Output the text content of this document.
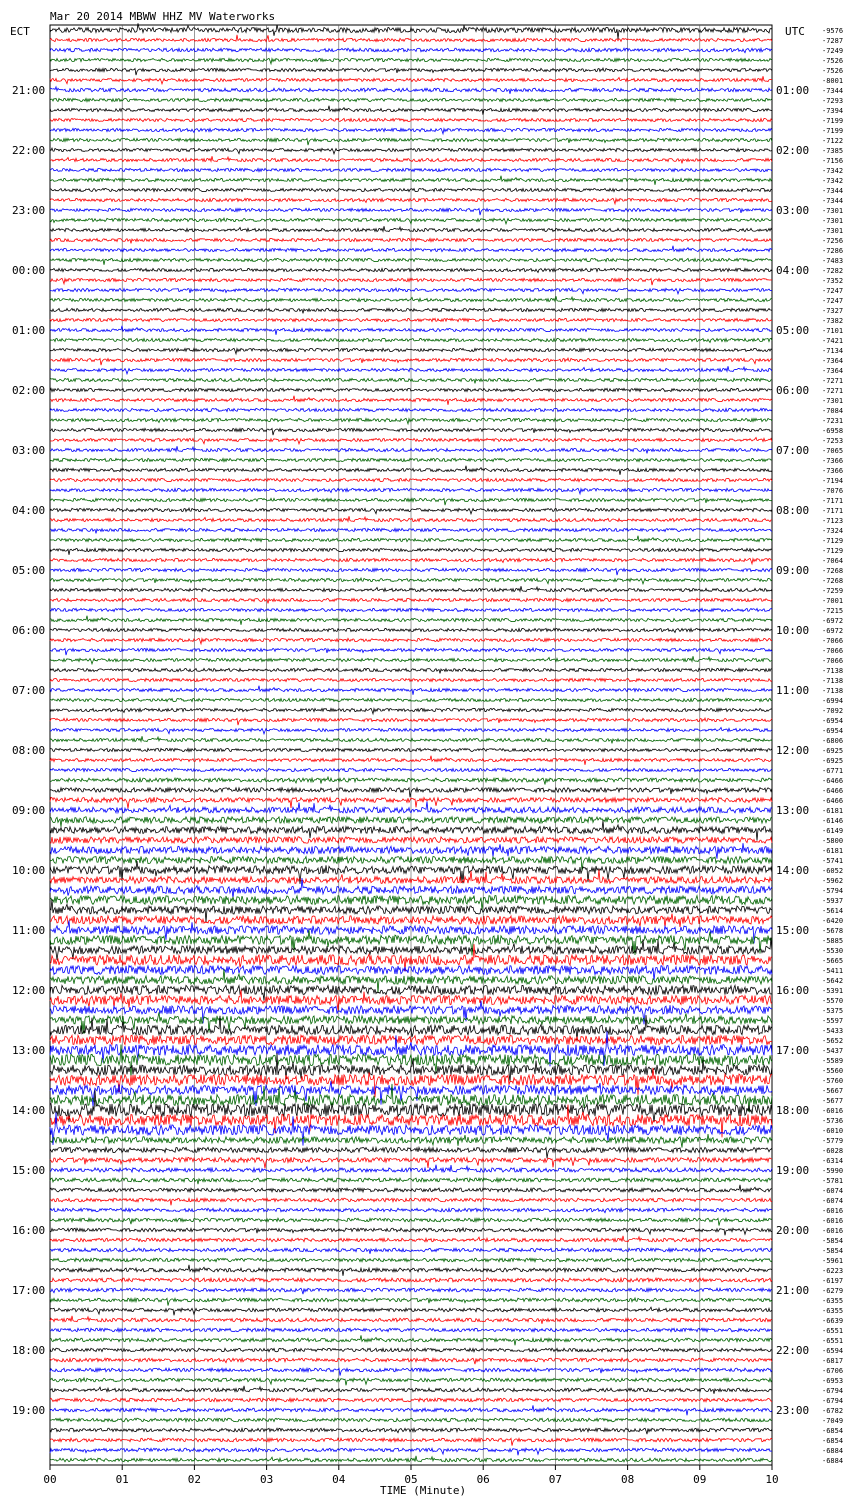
Mar 20 2014 MBWW HHZ MV Waterworks
ECT	UTC
21:00
22:00
23:00
00:00
01:00
02:00
03:00
04:00
05:00
06:00
07:00
08:00
09:00
10:00
11:00
12:00
13:00
14:00
15:00
16:00
17:00
18:00
19:00
01:00
02:00
03:00
04:00
05:00
06:00
07:00
08:00
09:00
10:00
11:00
12:00
13:00
14:00
15:00
16:00
17:00
18:00
19:00
20:00
21:00
22:00
23:00
-9576
-7287
-7249
-7526
-7526
-8001
-7344
-7293
-7394
-7199
-7199
-7122
-7385
-7156
-7342
-7342
-7344
-7344
-7301
-7301
-7301
-7256
-7286
-7483
-7282
-7352
-7247
-7247
-7327
-7382
-7101
-7421
-7134
-7364
-7364
-7271
-7271
-7301
-7084
-7231
-6958
-7253
-7065
-7366
-7366
-7194
-7076
-7171
-7171
-7123
-7324
-7129
-7129
-7064
-7268
-7268
-7259
-7001
-7215
-6972
-6972
-7066
-7066
-7066
-7138
-7138
-7138
-6994
-7092
-6954
-6954
-6806
-6925
-6925
-6771
-6466
-6466
-6466
-6181
-6146
-6149
-5800
-6181
-5741
-6052
-5962
-5794
-5937
-5614
-6420
-5678
-5885
-5530
-5665
-5411
-5642
-5391
-5570
-5375
-5597
-5433
-5652
-5437
-5589
-5560
-5760
-5667
-5677
-6016
-5736
-6010
-5779
-6028
-6314
-5990
-5781
-6074
-6074
-6016
-6016
-6016
-5854
-5854
-5961
-6223
-6197
-6279
-6355
-6355
-6639
-6551
-6551
-6594
-6817
-6706
-6953
-6794
-6794
-6782
-7049
-6854
-6854
-6884
-6884
00	01	02	03	04	05	06	07	08	09	10
TIME (Minute)
